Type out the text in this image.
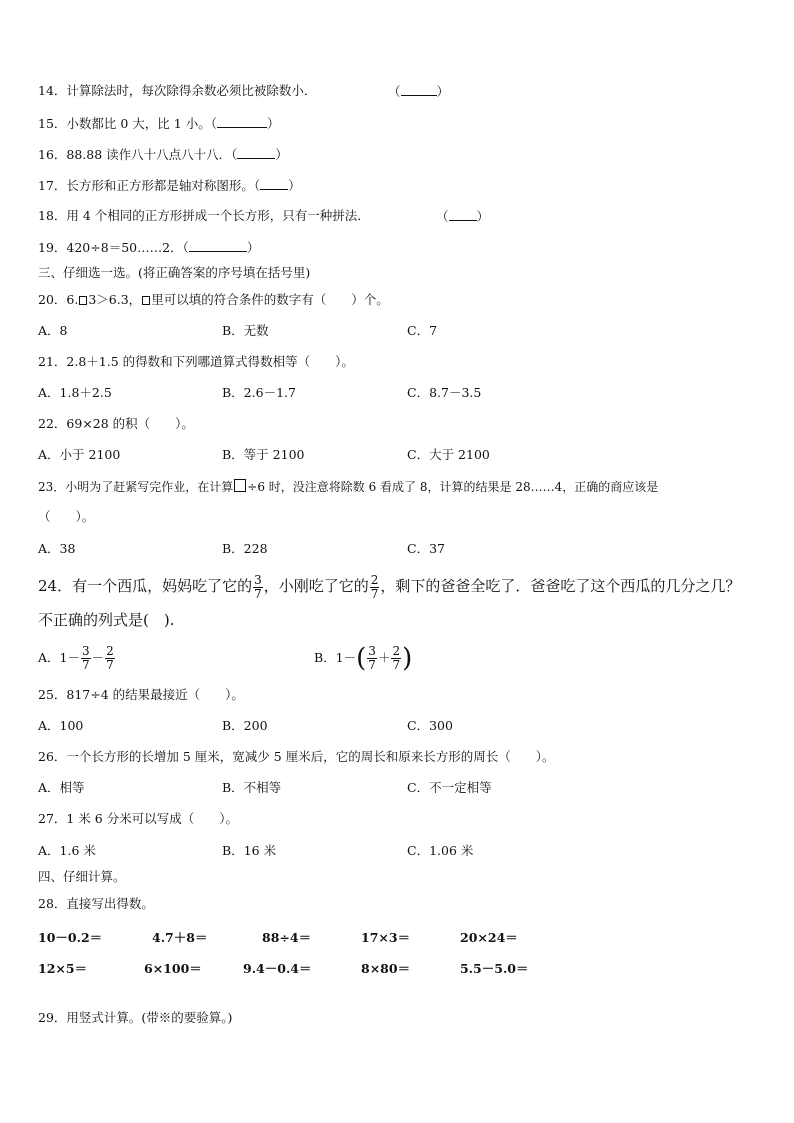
14．计算除法时，每次除得余数必须比被除数小．	（	）
15．小数都比 0 大，比 1 小。（	）
16．88.88 读作八十八点八十八．（	）
17．长方形和正方形都是轴对称图形。（ ）
18．用 4 个相同的正方形拼成一个长方形，只有一种拼法．	（ ）
19．420÷8＝50……2．（	）
三、仔细选一选。(将正确答案的序号填在括号里)
20．6. 3＞6.3， 里可以填的符合条件的数字有（　　）个。
A．8	B．无数	C．7
21．2.8＋1.5 的得数和下列哪道算式得数相等（　　）。
A．1.8＋2.5	B．2.6－1.7	C．8.7－3.5
22．69×28 的积（　　）。
A．小于 2100	B．等于 2100	C．大于 2100
23．小明为了赶紧写完作业，在计算 ÷6 时，没注意将除数 6 看成了 8，计算的结果是 28……4，正确的商应该是
（　　）。
A．38	B．228	C．37
24．有一个西瓜，妈妈吃了它的 $\frac{3}{7}$ ，小刚吃了它的 $\frac{2}{7}$ ，剩下的爸爸全吃了．爸爸吃了这个西瓜的几分之几？
不正确的列式是(　).
A．$1- \frac{3}{7} - \frac{2}{7}$	B．$1-( \frac{3}{7} + \frac{2}{7}$ )
25．817÷4 的结果最接近（　　）。
A．100	B．200	C．300
26．一个长方形的长增加 5 厘米，宽减少 5 厘米后，它的周长和原来长方形的周长（　　）。
A．相等	B．不相等	C．不一定相等
27．1 米 6 分米可以写成（　　）。
A．1.6 米	B．16 米	C．1.06 米
四、仔细计算。
28．直接写出得数。
10－0.2＝	4.7＋8＝	88÷4＝	17×3＝	20×24＝
12×5＝	6×100＝	9.4－0.4＝	8×80＝	5.5－5.0＝
29．用竖式计算。(带※的要验算。)
